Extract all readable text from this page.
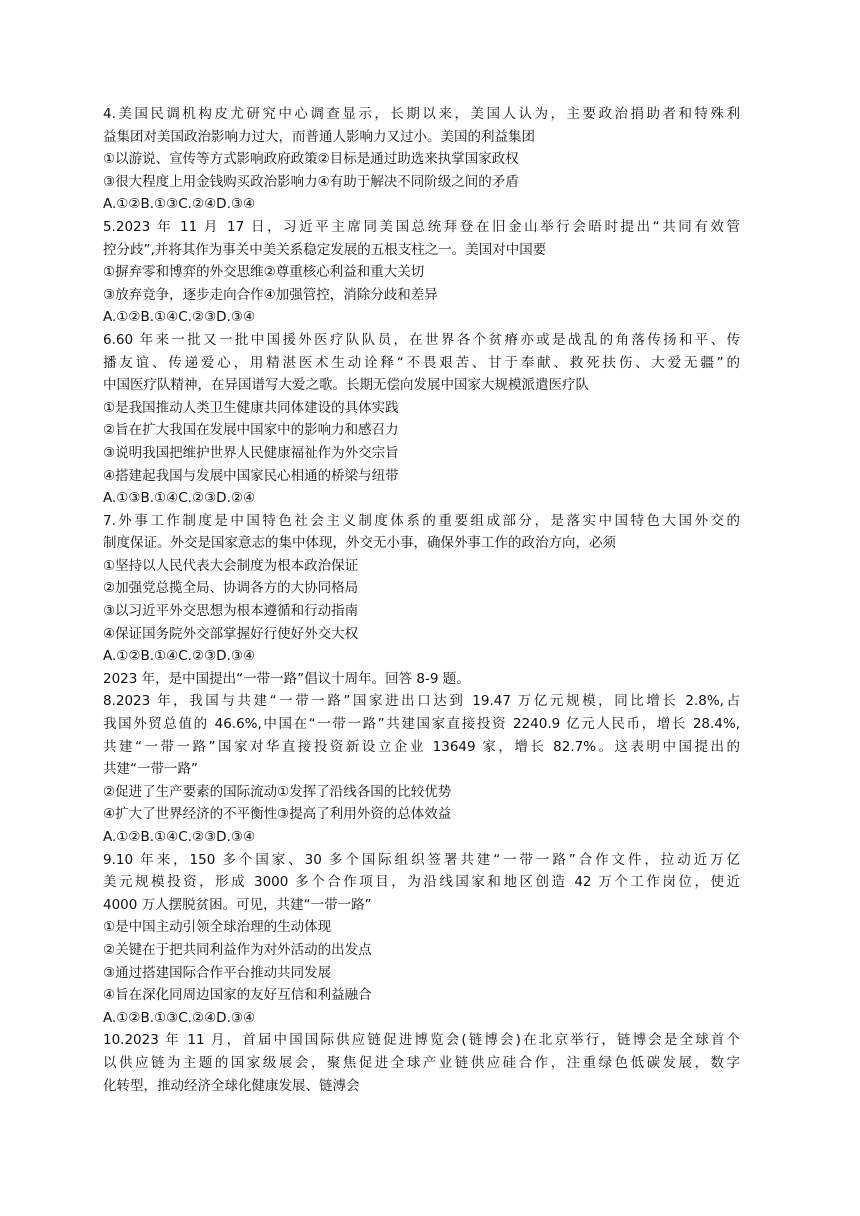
4.美国民调机构皮尤研究中心调查显示，长期以来，美国人认为，主要政治捐助者和特殊利
益集团对美国政治影响力过大，而普通人影响力又过小。美国的利益集团
①以游说、宣传等方式影响政府政策②目标是通过助选来执掌国家政权
③很大程度上用金钱购买政治影响力④有助于解决不同阶级之间的矛盾
A.①②B.①③C.②④D.③④
5.2023 年 11 月 17 日，习近平主席同美国总统拜登在旧金山举行会晤时提出“共同有效管
控分歧”,并将其作为事关中美关系稳定发展的五根支柱之一。美国对中国要
①摒弃零和博弈的外交思维②尊重核心利益和重大关切
③放弃竞争，逐步走向合作④加强管控，消除分歧和差异
A.①②B.①④C.②③D.③④
6.60 年来一批又一批中国援外医疗队队员，在世界各个贫瘠亦或是战乱的角落传扬和平、传
播友谊、传递爱心，用精湛医术生动诠释“不畏艰苦、甘于奉献、救死扶伤、大爱无疆”的
中国医疗队精神，在异国谱写大爱之歌。长期无偿向发展中国家大规模派遣医疗队
①是我国推动人类卫生健康共同体建设的具体实践
②旨在扩大我国在发展中国家中的影响力和感召力
③说明我国把维护世界人民健康福祉作为外交宗旨
④搭建起我国与发展中国家民心相通的桥梁与纽带
A.①③B.①④C.②③D.②④
7.外事工作制度是中国特色社会主义制度体系的重要组成部分，是落实中国特色大国外交的
制度保证。外交是国家意志的集中体现，外交无小事，确保外事工作的政治方向，必须
①坚持以人民代表大会制度为根本政治保证
②加强党总揽全局、协调各方的大协同格局
③以习近平外交思想为根本遵循和行动指南
④保证国务院外交部掌握好行使好外交大权
A.①②B.①④C.②③D.③④
2023 年，是中国提出“一带一路”倡议十周年。回答 8-9 题。
8.2023 年，我国与共建“一带一路”国家进出口达到 19.47 万亿元规模，同比增长 2.8%,占
我国外贸总值的 46.6%,中国在“一带一路”共建国家直接投资 2240.9 亿元人民币，增长 28.4%,
共建“一带一路”国家对华直接投资新设立企业 13649 家，增长 82.7%。这表明中国提出的
共建“一带一路”
②促进了生产要素的国际流动①发挥了沿线各国的比较优势
④扩大了世界经济的不平衡性③提高了利用外资的总体效益
A.①②B.①④C.②③D.③④
9.10 年来，150 多个国家、30 多个国际组织签署共建“一带一路”合作文件，拉动近万亿
美元规模投资，形成 3000 多个合作项目，为沿线国家和地区创造 42 万个工作岗位，使近
4000 万人摆脱贫困。可见，共建“一带一路”
①是中国主动引领全球治理的生动体现
②关键在于把共同利益作为对外活动的出发点
③通过搭建国际合作平台推动共同发展
④旨在深化同周边国家的友好互信和利益融合
A.①②B.①③C.②④D.③④
10.2023 年 11 月，首届中国国际供应链促进博览会(链博会)在北京举行，链博会是全球首个
以供应链为主题的国家级展会，聚焦促进全球产业链供应硅合作，注重绿色低碳发展，数字
化转型，推动经济全球化健康发展、链溥会
